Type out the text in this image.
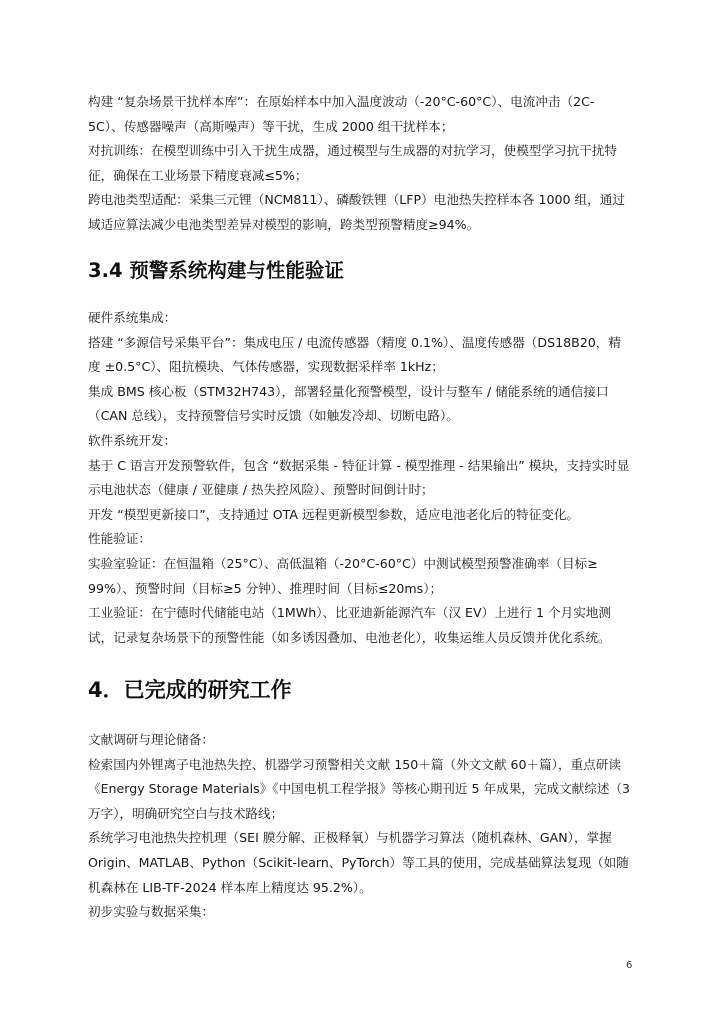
构建 “复杂场景干扰样本库”：在原始样本中加入温度波动（-20°C-60°C）、电流冲击（2C-
5C）、传感器噪声（高斯噪声）等干扰，生成 2000 组干扰样本；
对抗训练：在模型训练中引入干扰生成器，通过模型与生成器的对抗学习，使模型学习抗干扰特
征，确保在工业场景下精度衰减≤5%；
跨电池类型适配：采集三元锂（NCM811）、磷酸铁锂（LFP）电池热失控样本各 1000 组，通过
域适应算法减少电池类型差异对模型的影响，跨类型预警精度≥94%。
3.4 预警系统构建与性能验证
硬件系统集成：
搭建 “多源信号采集平台”：集成电压 / 电流传感器（精度 0.1%）、温度传感器（DS18B20，精
度 ±0.5°C）、阻抗模块、气体传感器，实现数据采样率 1kHz；
集成 BMS 核心板（STM32H743），部署轻量化预警模型，设计与整车 / 储能系统的通信接口
（CAN 总线），支持预警信号实时反馈（如触发冷却、切断电路）。
软件系统开发：
基于 C 语言开发预警软件，包含 “数据采集 - 特征计算 - 模型推理 - 结果输出” 模块，支持实时显
示电池状态（健康 / 亚健康 / 热失控风险）、预警时间倒计时；
开发 “模型更新接口”，支持通过 OTA 远程更新模型参数，适应电池老化后的特征变化。
性能验证：
实验室验证：在恒温箱（25°C）、高低温箱（-20°C-60°C）中测试模型预警准确率（目标≥
99%）、预警时间（目标≥5 分钟）、推理时间（目标≤20ms）；
工业验证：在宁德时代储能电站（1MWh）、比亚迪新能源汽车（汉 EV）上进行 1 个月实地测
试，记录复杂场景下的预警性能（如多诱因叠加、电池老化），收集运维人员反馈并优化系统。
4．已完成的研究工作
文献调研与理论储备：
检索国内外锂离子电池热失控、机器学习预警相关文献 150＋篇（外文文献 60＋篇），重点研读
《Energy Storage Materials》《中国电机工程学报》等核心期刊近 5 年成果，完成文献综述（3
万字），明确研究空白与技术路线；
系统学习电池热失控机理（SEI 膜分解、正极释氧）与机器学习算法（随机森林、GAN），掌握
Origin、MATLAB、Python（Scikit-learn、PyTorch）等工具的使用，完成基础算法复现（如随
机森林在 LIB-TF-2024 样本库上精度达 95.2%）。
初步实验与数据采集：
6
